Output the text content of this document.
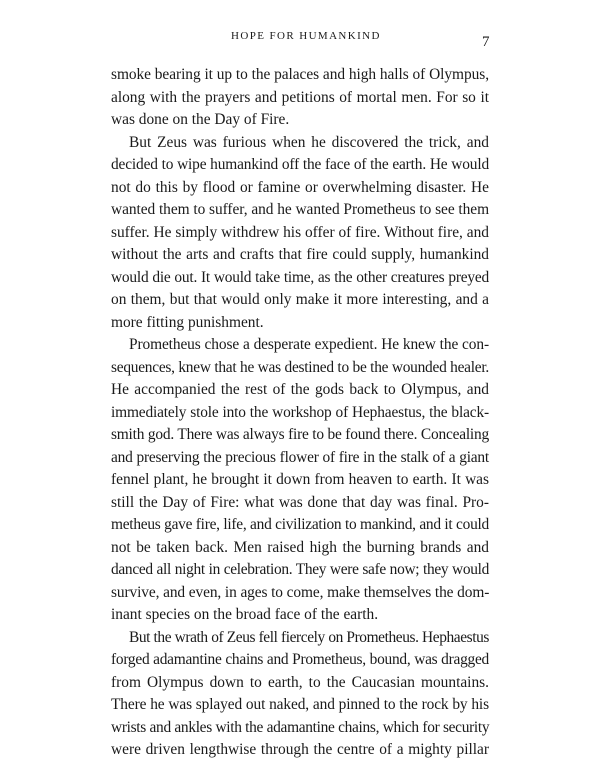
HOPE FOR HUMANKIND	7
smoke bearing it up to the palaces and high halls of Olympus,
along with the prayers and petitions of mortal men. For so it
was done on the Day of Fire.
But Zeus was furious when he discovered the trick, and
decided to wipe humankind off the face of the earth. He would
not do this by flood or famine or overwhelming disaster. He
wanted them to suffer, and he wanted Prometheus to see them
suffer. He simply withdrew his offer of fire. Without fire, and
without the arts and crafts that fire could supply, humankind
would die out. It would take time, as the other creatures preyed
on them, but that would only make it more interesting, and a
more fitting punishment.
Prometheus chose a desperate expedient. He knew the con-
sequences, knew that he was destined to be the wounded healer.
He accompanied the rest of the gods back to Olympus, and
immediately stole into the workshop of Hephaestus, the black-
smith god. There was always fire to be found there. Concealing
and preserving the precious flower of fire in the stalk of a giant
fennel plant, he brought it down from heaven to earth. It was
still the Day of Fire: what was done that day was final. Pro-
metheus gave fire, life, and civilization to mankind, and it could
not be taken back. Men raised high the burning brands and
danced all night in celebration. They were safe now; they would
survive, and even, in ages to come, make themselves the dom-
inant species on the broad face of the earth.
But the wrath of Zeus fell fiercely on Prometheus. Hephaestus
forged adamantine chains and Prometheus, bound, was dragged
from Olympus down to earth, to the Caucasian mountains.
There he was splayed out naked, and pinned to the rock by his
wrists and ankles with the adamantine chains, which for security
were driven lengthwise through the centre of a mighty pillar
